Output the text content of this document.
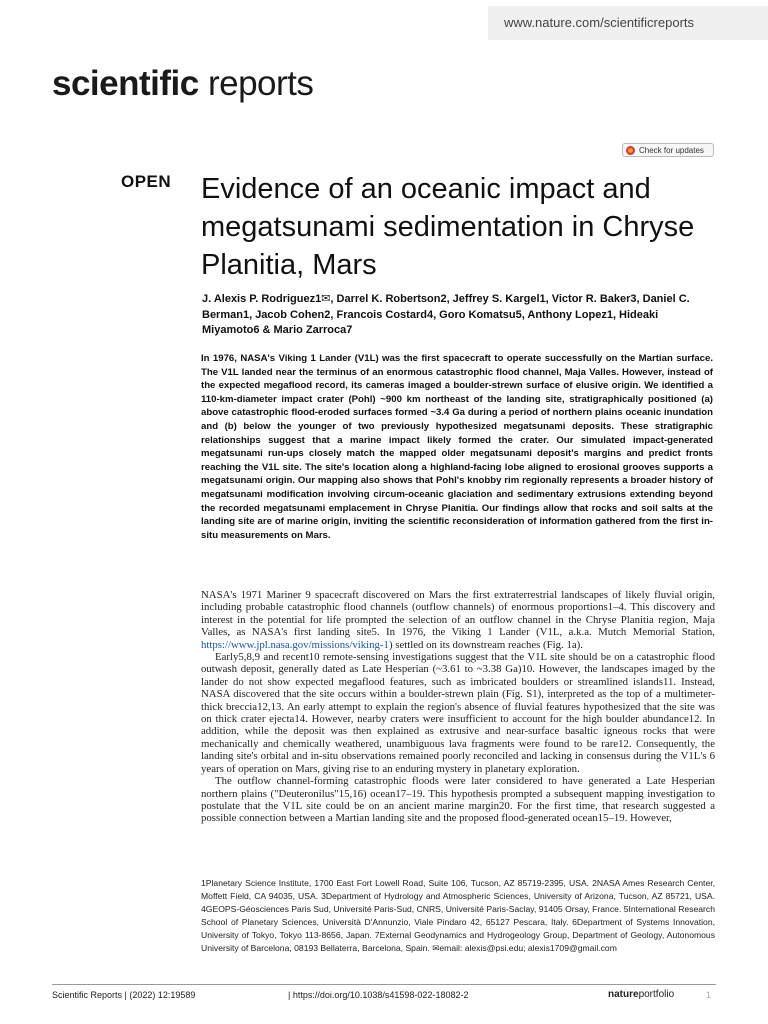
www.nature.com/scientificreports
scientific reports
Check for updates
OPEN Evidence of an oceanic impact and megatsunami sedimentation in Chryse Planitia, Mars
J. Alexis P. Rodriguez1✉, Darrel K. Robertson2, Jeffrey S. Kargel1, Victor R. Baker3, Daniel C. Berman1, Jacob Cohen2, Francois Costard4, Goro Komatsu5, Anthony Lopez1, Hideaki Miyamoto6 & Mario Zarroca7
In 1976, NASA's Viking 1 Lander (V1L) was the first spacecraft to operate successfully on the Martian surface. The V1L landed near the terminus of an enormous catastrophic flood channel, Maja Valles. However, instead of the expected megaflood record, its cameras imaged a boulder-strewn surface of elusive origin. We identified a 110-km-diameter impact crater (Pohl) ~900 km northeast of the landing site, stratigraphically positioned (a) above catastrophic flood-eroded surfaces formed ~3.4 Ga during a period of northern plains oceanic inundation and (b) below the younger of two previously hypothesized megatsunami deposits. These stratigraphic relationships suggest that a marine impact likely formed the crater. Our simulated impact-generated megatsunami run-ups closely match the mapped older megatsunami deposit's margins and predict fronts reaching the V1L site. The site's location along a highland-facing lobe aligned to erosional grooves supports a megatsunami origin. Our mapping also shows that Pohl's knobby rim regionally represents a broader history of megatsunami modification involving circum-oceanic glaciation and sedimentary extrusions extending beyond the recorded megatsunami emplacement in Chryse Planitia. Our findings allow that rocks and soil salts at the landing site are of marine origin, inviting the scientific reconsideration of information gathered from the first in-situ measurements on Mars.

NASA's 1971 Mariner 9 spacecraft discovered on Mars the first extraterrestrial landscapes of likely fluvial origin, including probable catastrophic flood channels (outflow channels) of enormous proportions1–4. This discovery and interest in the potential for life prompted the selection of an outflow channel in the Chryse Planitia region, Maja Valles, as NASA's first landing site5. In 1976, the Viking 1 Lander (V1L, a.k.a. Mutch Memorial Station, https://www.jpl.nasa.gov/missions/viking-1) settled on its downstream reaches (Fig. 1a).

Early5,8,9 and recent10 remote-sensing investigations suggest that the V1L site should be on a catastrophic flood outwash deposit, generally dated as Late Hesperian (~3.61 to ~3.38 Ga)10. However, the landscapes imaged by the lander do not show expected megaflood features, such as imbricated boulders or streamlined islands11. Instead, NASA discovered that the site occurs within a boulder-strewn plain (Fig. S1), interpreted as the top of a multimeter-thick breccia12,13. An early attempt to explain the region's absence of fluvial features hypothesized that the site was on thick crater ejecta14. However, nearby craters were insufficient to account for the high boulder abundance12. In addition, while the deposit was then explained as extrusive and near-surface basaltic igneous rocks that were mechanically and chemically weathered, unambiguous lava fragments were found to be rare12. Consequently, the landing site's orbital and in-situ observations remained poorly reconciled and lacking in consensus during the V1L's 6 years of operation on Mars, giving rise to an enduring mystery in planetary exploration.

The outflow channel-forming catastrophic floods were later considered to have generated a Late Hesperian northern plains ("Deuteronilus"15,16) ocean17–19. This hypothesis prompted a subsequent mapping investigation to postulate that the V1L site could be on an ancient marine margin20. For the first time, that research suggested a possible connection between a Martian landing site and the proposed flood-generated ocean15–19. However,

1Planetary Science Institute, 1700 East Fort Lowell Road, Suite 106, Tucson, AZ 85719-2395, USA. 2NASA Ames Research Center, Moffett Field, CA 94035, USA. 3Department of Hydrology and Atmospheric Sciences, University of Arizona, Tucson, AZ 85721, USA. 4GEOPS-Géosciences Paris Sud, Université Paris-Sud, CNRS, Université Paris-Saclay, 91405 Orsay, France. 5International Research School of Planetary Sciences, Università D'Annunzio, Viale Pindaro 42, 65127 Pescara, Italy. 6Department of Systems Innovation, University of Tokyo, Tokyo 113-8656, Japan. 7External Geodynamics and Hydrogeology Group, Department of Geology, Autonomous University of Barcelona, 08193 Bellaterra, Barcelona, Spain. ✉email: alexis@psi.edu; alexis1709@gmail.com
Scientific Reports | (2022) 12:19589	| https://doi.org/10.1038/s41598-022-18082-2	natureportfolio	1
